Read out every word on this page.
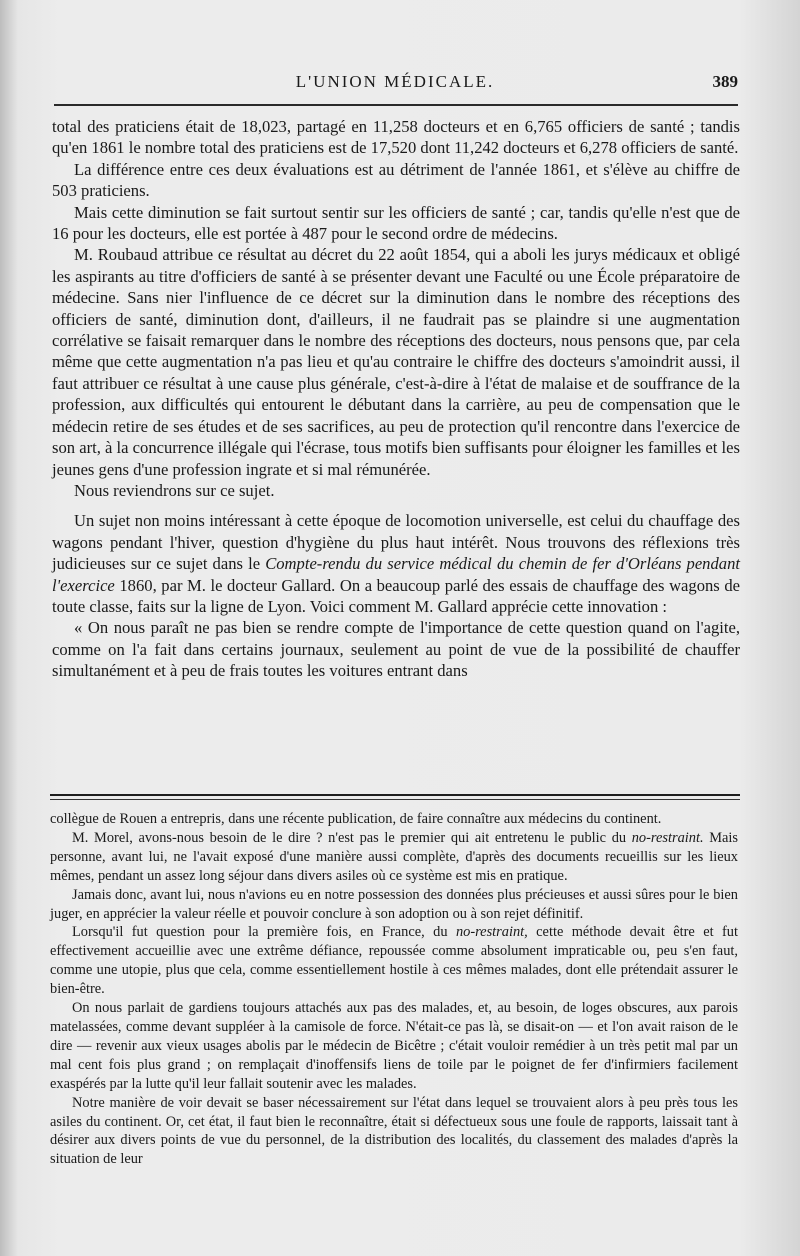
L'UNION MÉDICALE.	389

total des praticiens était de 18,023, partagé en 11,258 docteurs et en 6,765 officiers de santé ; tandis qu'en 1861 le nombre total des praticiens est de 17,520 dont 11,242 docteurs et 6,278 officiers de santé.

La différence entre ces deux évaluations est au détriment de l'année 1861, et s'élève au chiffre de 503 praticiens.

Mais cette diminution se fait surtout sentir sur les officiers de santé ; car, tandis qu'elle n'est que de 16 pour les docteurs, elle est portée à 487 pour le second ordre de médecins.

M. Roubaud attribue ce résultat au décret du 22 août 1854, qui a aboli les jurys médicaux et obligé les aspirants au titre d'officiers de santé à se présenter devant une Faculté ou une École préparatoire de médecine. Sans nier l'influence de ce décret sur la diminution dans le nombre des réceptions des officiers de santé, diminution dont, d'ailleurs, il ne faudrait pas se plaindre si une augmentation corrélative se faisait remarquer dans le nombre des réceptions des docteurs, nous pensons que, par cela même que cette augmentation n'a pas lieu et qu'au contraire le chiffre des docteurs s'amoindrit aussi, il faut attribuer ce résultat à une cause plus générale, c'est-à-dire à l'état de malaise et de souffrance de la profession, aux difficultés qui entourent le débutant dans la carrière, au peu de compensation que le médecin retire de ses études et de ses sacrifices, au peu de protection qu'il rencontre dans l'exercice de son art, à la concurrence illégale qui l'écrase, tous motifs bien suffisants pour éloigner les familles et les jeunes gens d'une profession ingrate et si mal rémunérée.

Nous reviendrons sur ce sujet.

Un sujet non moins intéressant à cette époque de locomotion universelle, est celui du chauffage des wagons pendant l'hiver, question d'hygiène du plus haut intérêt. Nous trouvons des réflexions très judicieuses sur ce sujet dans le Compte-rendu du service médical du chemin de fer d'Orléans pendant l'exercice 1860, par M. le docteur Gallard. On a beaucoup parlé des essais de chauffage des wagons de toute classe, faits sur la ligne de Lyon. Voici comment M. Gallard apprécie cette innovation :

« On nous paraît ne pas bien se rendre compte de l'importance de cette question quand on l'agite, comme on l'a fait dans certains journaux, seulement au point de vue de la possibilité de chauffer simultanément et à peu de frais toutes les voitures entrant dans

collègue de Rouen a entrepris, dans une récente publication, de faire connaître aux médecins du continent.

M. Morel, avons-nous besoin de le dire ? n'est pas le premier qui ait entretenu le public du no-restraint. Mais personne, avant lui, ne l'avait exposé d'une manière aussi complète, d'après des documents recueillis sur les lieux mêmes, pendant un assez long séjour dans divers asiles où ce système est mis en pratique.

Jamais donc, avant lui, nous n'avions eu en notre possession des données plus précieuses et aussi sûres pour le bien juger, en apprécier la valeur réelle et pouvoir conclure à son adoption ou à son rejet définitif.

Lorsqu'il fut question pour la première fois, en France, du no-restraint, cette méthode devait être et fut effectivement accueillie avec une extrême défiance, repoussée comme absolument impraticable ou, peu s'en faut, comme une utopie, plus que cela, comme essentiellement hostile à ces mêmes malades, dont elle prétendait assurer le bien-être.

On nous parlait de gardiens toujours attachés aux pas des malades, et, au besoin, de loges obscures, aux parois matelassées, comme devant suppléer à la camisole de force. N'était-ce pas là, se disait-on — et l'on avait raison de le dire — revenir aux vieux usages abolis par le médecin de Bicêtre ; c'était vouloir remédier à un très petit mal par un mal cent fois plus grand ; on remplaçait d'inoffensifs liens de toile par le poignet de fer d'infirmiers facilement exaspérés par la lutte qu'il leur fallait soutenir avec les malades.

Notre manière de voir devait se baser nécessairement sur l'état dans lequel se trouvaient alors à peu près tous les asiles du continent. Or, cet état, il faut bien le reconnaître, était si défectueux sous une foule de rapports, laissait tant à désirer aux divers points de vue du personnel, de la distribution des localités, du classement des malades d'après la situation de leur
